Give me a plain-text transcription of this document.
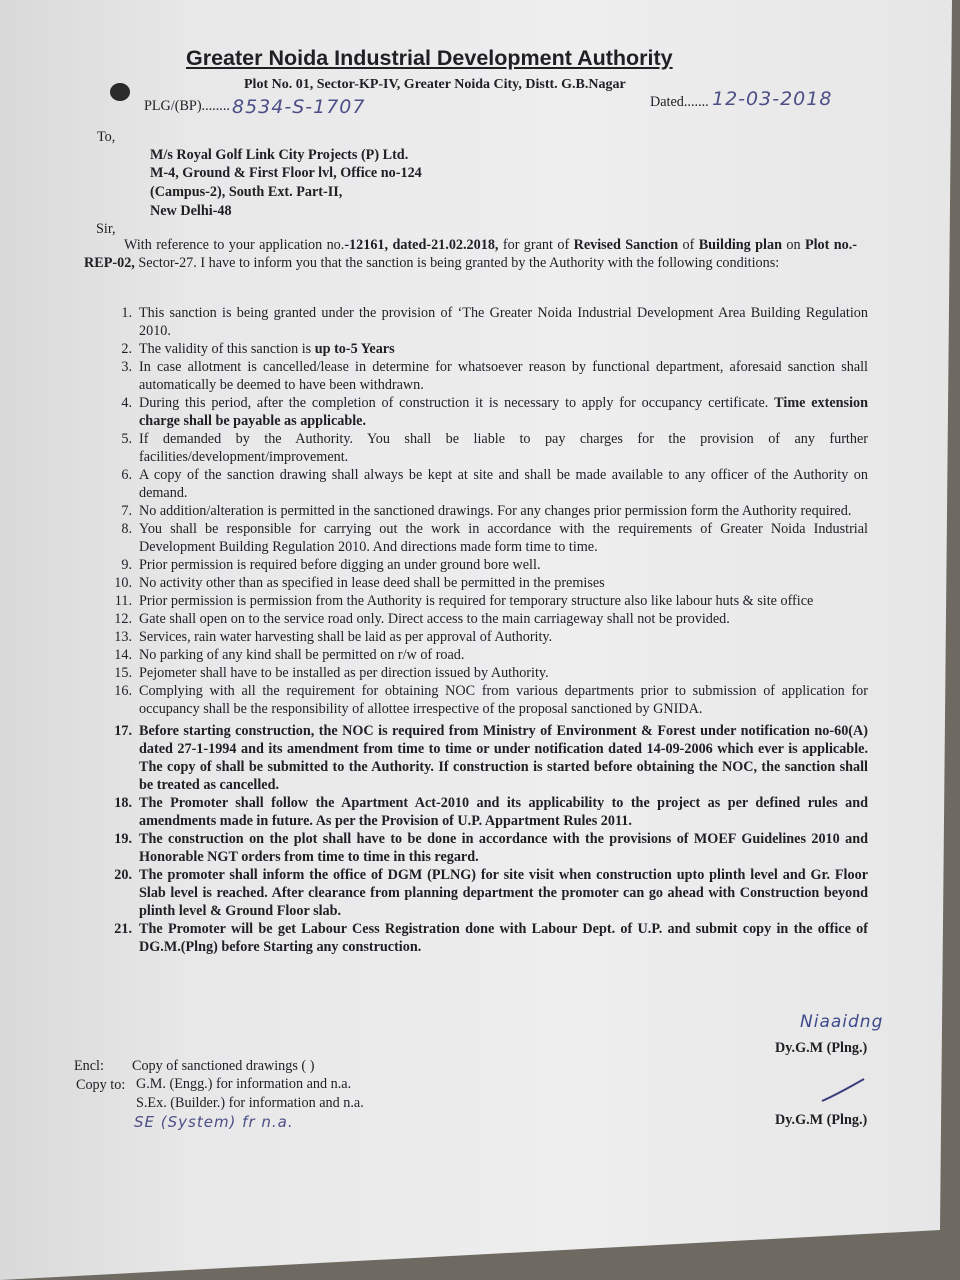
Greater Noida Industrial Development Authority
Plot No. 01, Sector-KP-IV, Greater Noida City, Distt. G.B.Nagar
PLG/(BP)........ 8534-S-1707	Dated....... 12-03-2018
To,
M/s Royal Golf Link City Projects (P) Ltd.
M-4, Ground & First Floor lvl, Office no-124
(Campus-2), South Ext. Part-II,
New Delhi-48
Sir,
With reference to your application no.-12161, dated-21.02.2018, for grant of Revised Sanction of Building plan on Plot no.-REP-02, Sector-27. I have to inform you that the sanction is being granted by the Authority with the following conditions:
1. This sanction is being granted under the provision of ‘The Greater Noida Industrial Development Area Building Regulation 2010.
2. The validity of this sanction is up to-5 Years
3. In case allotment is cancelled/lease in determine for whatsoever reason by functional department, aforesaid sanction shall automatically be deemed to have been withdrawn.
4. During this period, after the completion of construction it is necessary to apply for occupancy certificate. Time extension charge shall be payable as applicable.
5. If demanded by the Authority. You shall be liable to pay charges for the provision of any further facilities/development/improvement.
6. A copy of the sanction drawing shall always be kept at site and shall be made available to any officer of the Authority on demand.
7. No addition/alteration is permitted in the sanctioned drawings. For any changes prior permission form the Authority required.
8. You shall be responsible for carrying out the work in accordance with the requirements of Greater Noida Industrial Development Building Regulation 2010. And directions made form time to time.
9. Prior permission is required before digging an under ground bore well.
10. No activity other than as specified in lease deed shall be permitted in the premises
11. Prior permission is permission from the Authority is required for temporary structure also like labour huts & site office
12. Gate shall open on to the service road only. Direct access to the main carriageway shall not be provided.
13. Services, rain water harvesting shall be laid as per approval of Authority.
14. No parking of any kind shall be permitted on r/w of road.
15. Pejometer shall have to be installed as per direction issued by Authority.
16. Complying with all the requirement for obtaining NOC from various departments prior to submission of application for occupancy shall be the responsibility of allottee irrespective of the proposal sanctioned by GNIDA.
17. Before starting construction, the NOC is required from Ministry of Environment & Forest under notification no-60(A) dated 27-1-1994 and its amendment from time to time or under notification dated 14-09-2006 which ever is applicable. The copy of shall be submitted to the Authority. If construction is started before obtaining the NOC, the sanction shall be treated as cancelled.
18. The Promoter shall follow the Apartment Act-2010 and its applicability to the project as per defined rules and amendments made in future. As per the Provision of U.P. Appartment Rules 2011.
19. The construction on the plot shall have to be done in accordance with the provisions of MOEF Guidelines 2010 and Honorable NGT orders from time to time in this regard.
20. The promoter shall inform the office of DGM (PLNG) for site visit when construction upto plinth level and Gr. Floor Slab level is reached. After clearance from planning department the promoter can go ahead with Construction beyond plinth level & Ground Floor slab.
21. The Promoter will be get Labour Cess Registration done with Labour Dept. of U.P. and submit copy in the office of DG.M.(Plng) before Starting any construction.
Niaaidng
Dy.G.M (Plng.)
Dy.G.M (Plng.)
Encl: Copy of sanctioned drawings ( )
Copy to: G.M. (Engg.) for information and n.a.
S.Ex. (Builder.) for information and n.a.
SE (System) fr n.a.
